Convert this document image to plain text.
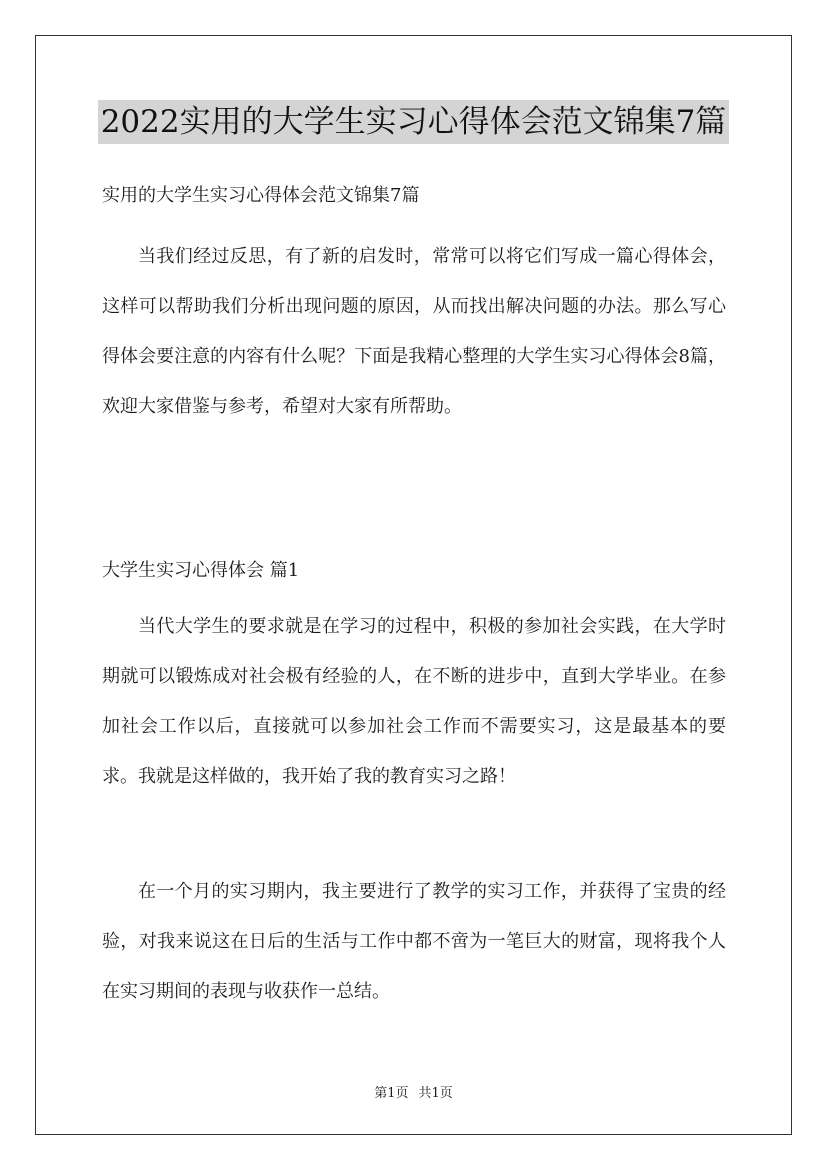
2022实用的大学生实习心得体会范文锦集7篇
实用的大学生实习心得体会范文锦集7篇

当我们经过反思，有了新的启发时，常常可以将它们写成一篇心得体会，这样可以帮助我们分析出现问题的原因，从而找出解决问题的办法。那么写心得体会要注意的内容有什么呢？下面是我精心整理的大学生实习心得体会8篇，欢迎大家借鉴与参考，希望对大家有所帮助。

大学生实习心得体会 篇1

当代大学生的要求就是在学习的过程中，积极的参加社会实践，在大学时期就可以锻炼成对社会极有经验的人，在不断的进步中，直到大学毕业。在参加社会工作以后，直接就可以参加社会工作而不需要实习，这是最基本的要求。我就是这样做的，我开始了我的教育实习之路！

在一个月的实习期内，我主要进行了教学的实习工作，并获得了宝贵的经验，对我来说这在日后的生活与工作中都不啻为一笔巨大的财富，现将我个人在实习期间的表现与收获作一总结。

第1页 共1页
